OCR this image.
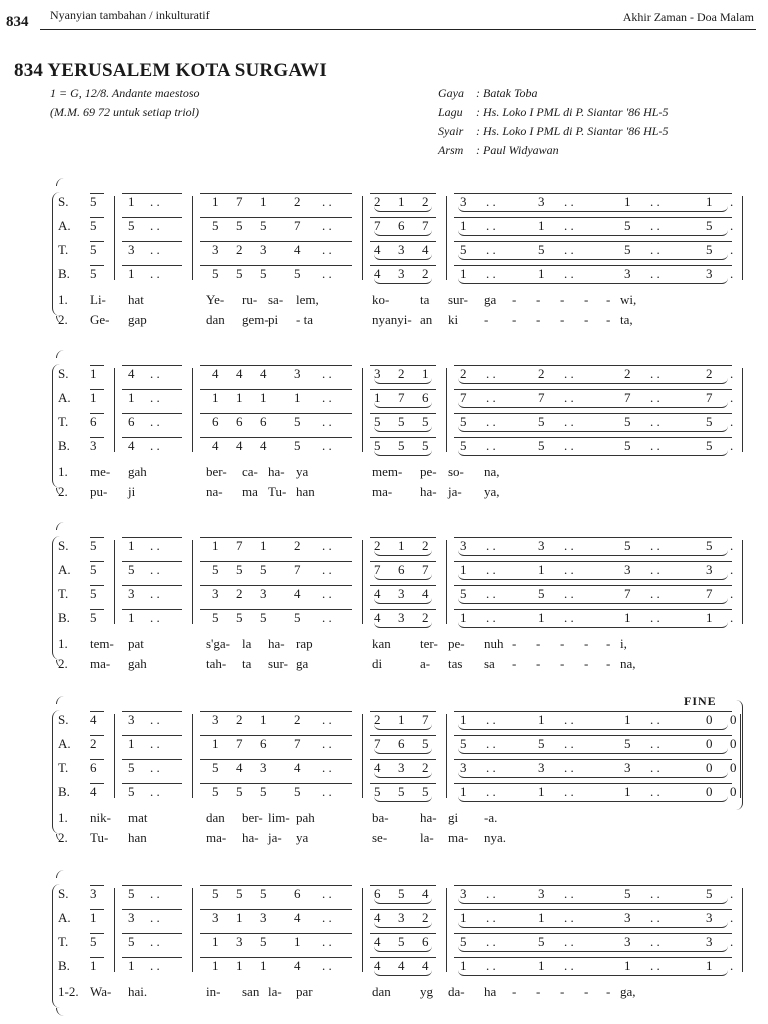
834 Nyanyian tambahan / inkulturatif	Akhir Zaman - Doa Malam
834 YERUSALEM KOTA SURGAWI
1 = G, 12/8. Andante maestoso
(M.M. 69 72 untuk setiap triol)
Gaya : Batak Toba
Lagu : Hs. Loko I PML di P. Siantar '86 HL-5
Syair : Hs. Loko I PML di P. Siantar '86 HL-5
Arsm : Paul Widyawan
S. 5 1 . .	1 7 1 2 . .	2 1 2 3 . .	3 . .	1 . .	1 .
A. 5 5 . .	5 5 5 7 . .	7 6 7 1 . .	1 . .	5 . .	5 .
T. 5 3 . .	3 2 3 4 . .	4 3 4 5 . .	5 . .	5 . .	5 .
B. 5 1 . .	5 5 5 5 . .	4 3 2 1 . .	1 . .	3 . .	3 .
1. Li- hat	Ye- ru- sa- lem,	ko- ta sur- ga - - - - - wi,
2. Ge- gap	dan gem- pi - ta	nyanyi- an ki - - - - - - ta,
S. 1 4 . .	4 4 4 3 . .	3 2 1 2 . .	2 . .	2 . .	2 .
A. 1 1 . .	1 1 1 1 . .	1 7 6 7 . .	7 . .	7 . .	7 .
T. 6 6 . .	6 6 6 5 . .	5 5 5 5 . .	5 . .	5 . .	5 .
B. 3 4 . .	4 4 4 5 . .	5 5 5 5 . .	5 . .	5 . .	5 .
1. me- gah	ber- ca- ha- ya	mem- pe- so- na,
2. pu- ji	na- ma Tu- han	ma- ha- ja- ya,
S. 5 1 . .	1 7 1 2 . .	2 1 2 3 . .	3 . .	5 . .	5 .
A. 5 5 . .	5 5 5 7 . .	7 6 7 1 . .	1 . .	3 . .	3 .
T. 5 3 . .	3 2 3 4 . .	4 3 4 5 . .	5 . .	7 . .	7 .
B. 5 1 . .	5 5 5 5 . .	4 3 2 1 . .	1 . .	1 . .	1 .
1. tem- pat	s'ga- la ha- rap	kan ter- pe- nuh - - - - - i,
2. ma- gah	tah- ta sur- ga	di	a- tas sa - - - - - na,
S. 4 3 . .	3 2 1 2 . .	2 1 7 1 . .	1 . .	1 . .	0 0
A. 2 1 . .	1 7 6 7 . .	7 6 5 5 . .	5 . .	5 . .	0 0
T. 6 5 . .	5 4 3 4 . .	4 3 2 3 . .	3 . .	3 . .	0 0
B. 4 5 . .	5 5 5 5 . .	5 5 5 1 . .	1 . .	1 . .	0 0
1. nik- mat	dan ber- lim- pah	ba- ha- gi -a.
2. Tu- han	ma- ha- ja- ya	se-	la- ma- nya.
FINE
S. 3 5 . .	5 5 5 6 . .	6 5 4 3 . .	3 . .	5 . .	5 .
A. 1 3 . .	3 1 3 4 . .	4 3 2 1 . .	1 . .	3 . .	3 .
T. 5 5 . .	1 3 5 1 . .	4 5 6 5 . .	5 . .	3 . .	3 .
B. 1 1 . .	1 1 1 4 . .	4 4 4 1 . .	1 . .	1 . .	1 .
1-2. Wa- hai.	in- san la- par	dan yg da- ha - - - - - ga,
